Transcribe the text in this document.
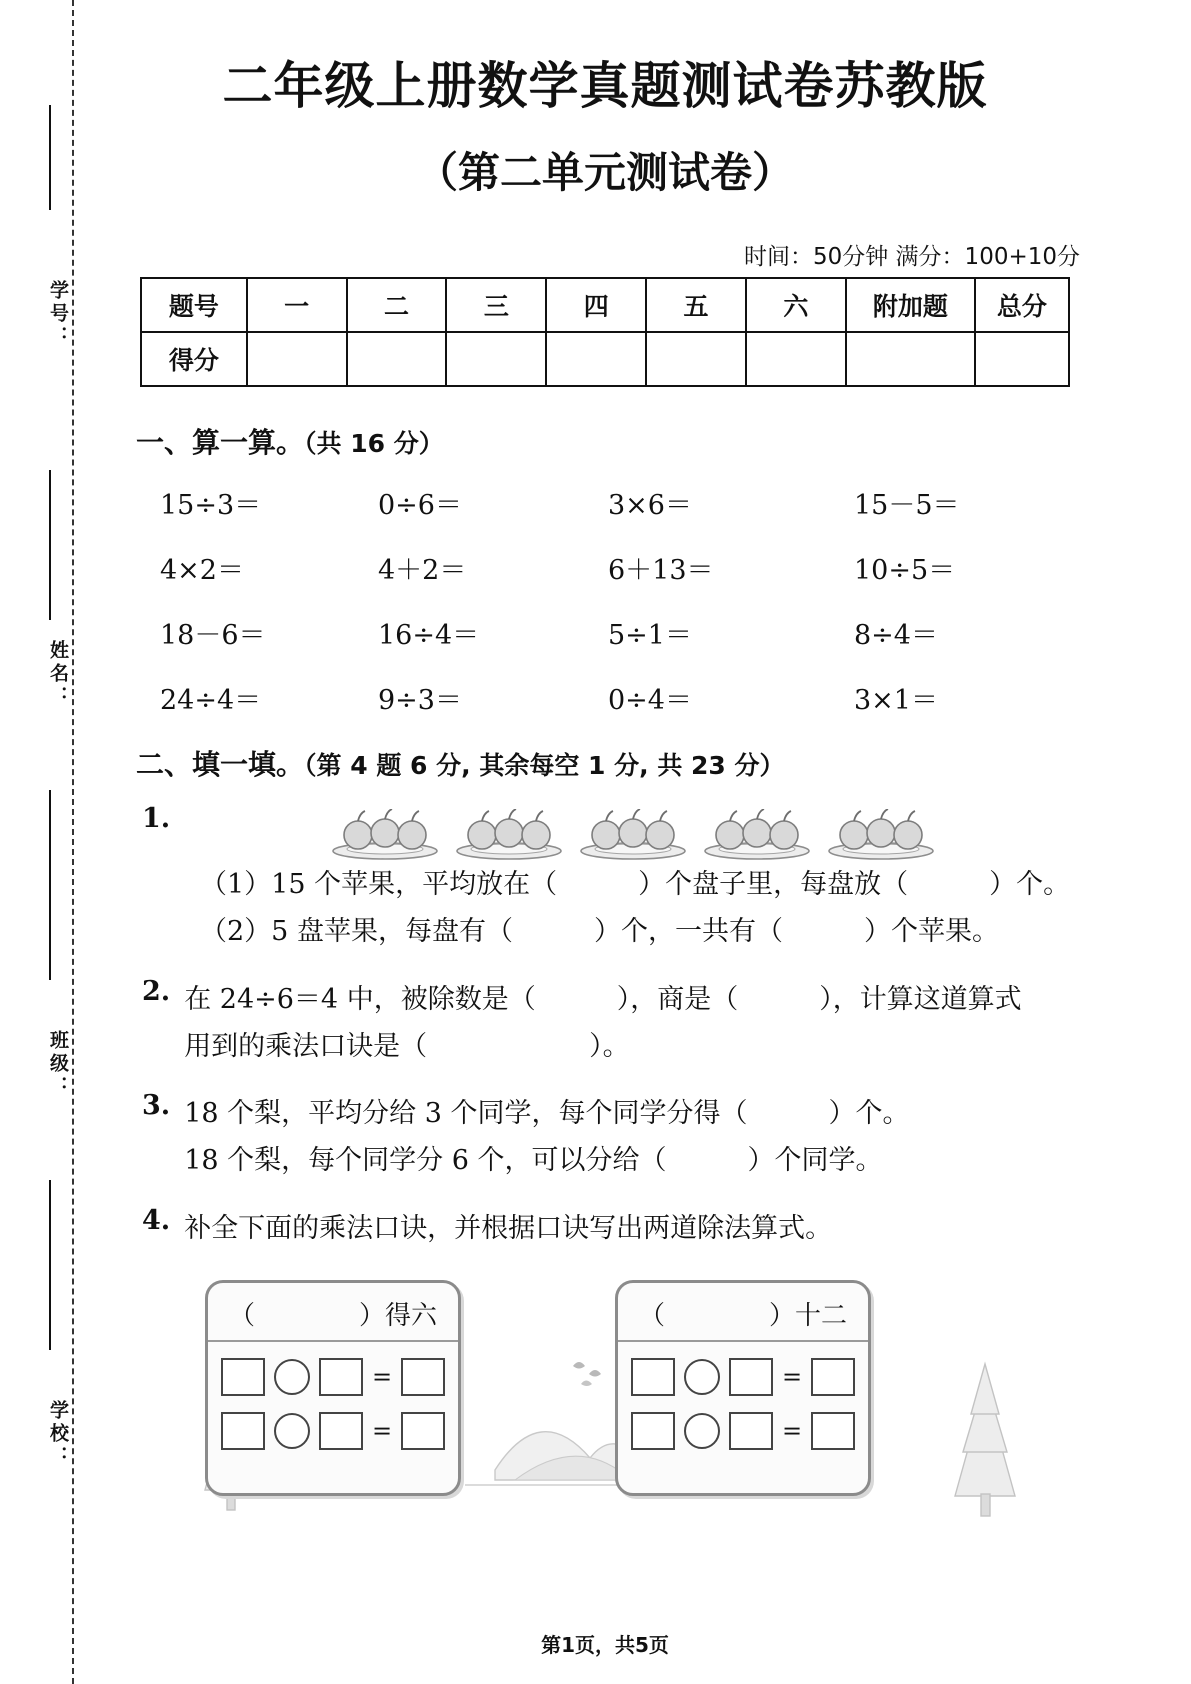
学号：
姓名：
班级：
学校：
二年级上册数学真题测试卷苏教版
（第二单元测试卷）
时间：50分钟 满分：100+10分
题号	一	二	三	四	五	六	附加题	总分
得分								
一、算一算。（共 16 分）
15÷3＝	0÷6＝	3×6＝	15－5＝
4×2＝	4＋2＝	6＋13＝	10÷5＝
18－6＝	16÷4＝	5÷1＝	8÷4＝
24÷4＝	9÷3＝	0÷4＝	3×1＝
二、填一填。（第 4 题 6 分, 其余每空 1 分, 共 23 分）
1.
（1）15 个苹果，平均放在（　　　）个盘子里，每盘放（　　　）个。
（2）5 盘苹果，每盘有（　　　）个，一共有（　　　）个苹果。
2. 在 24÷6＝4 中，被除数是（　　　），商是（　　　），计算这道算式
用到的乘法口诀是（　　　　　　）。
3. 18 个梨，平均分给 3 个同学，每个同学分得（　　　）个。
18 个梨，每个同学分 6 个，可以分给（　　　）个同学。
4. 补全下面的乘法口诀，并根据口诀写出两道除法算式。
（　　　　）得六
=
=
（　　　　）十二
=
=
第1页，共5页
